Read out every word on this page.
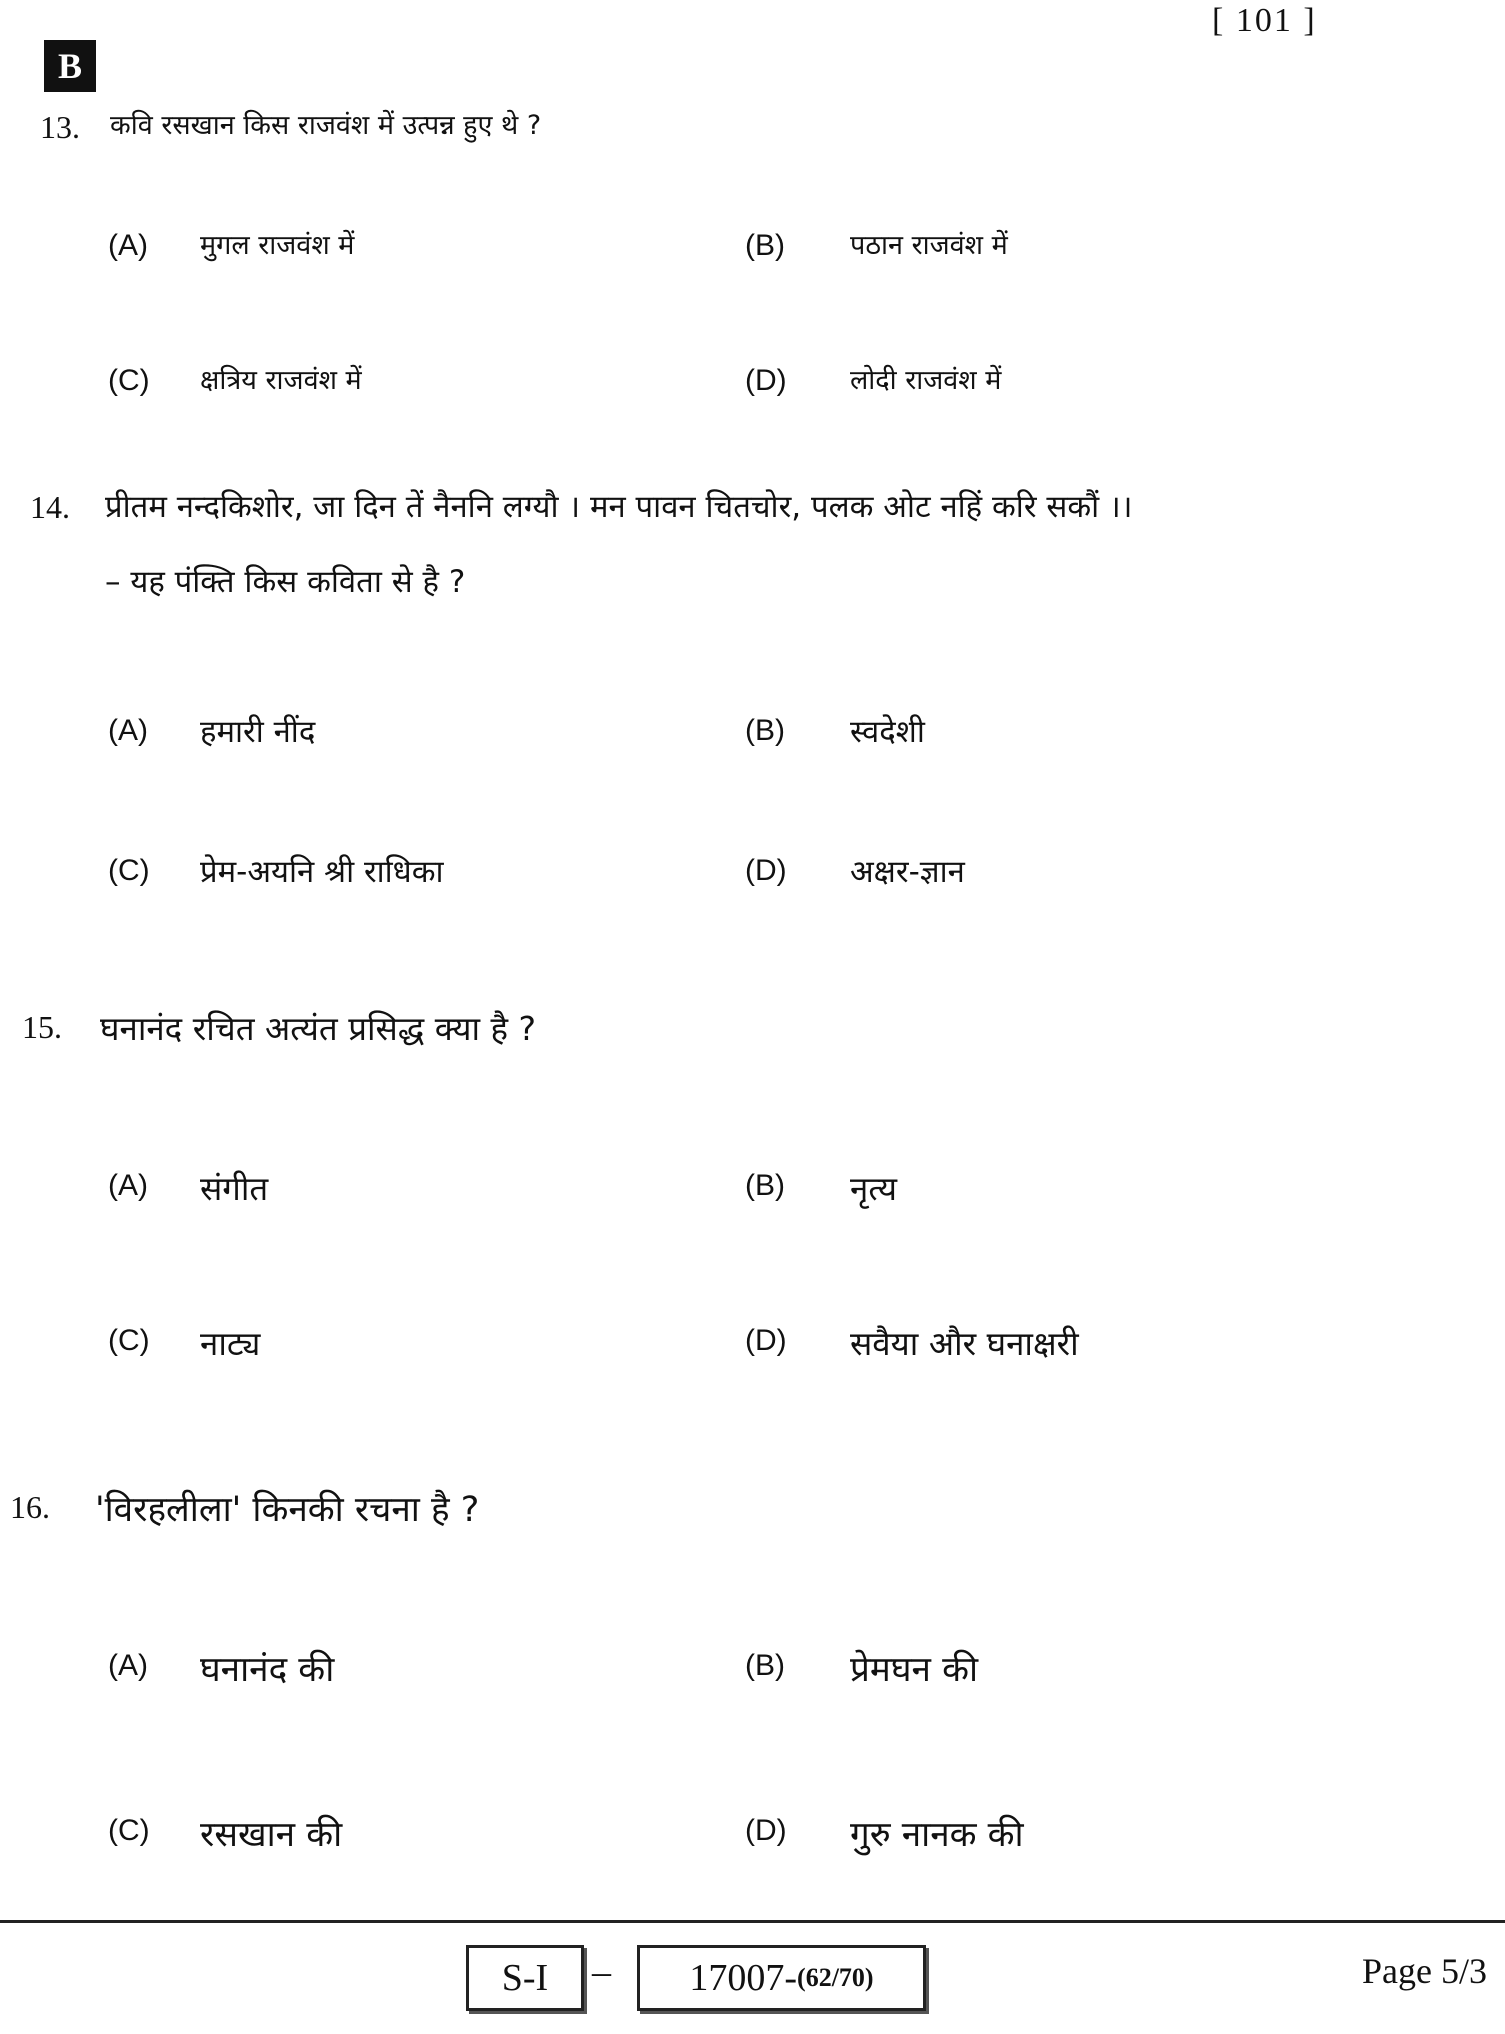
[ 101 ]
B
13. कवि रसखान किस राजवंश में उत्पन्न हुए थे ?
(A) मुगल राजवंश में	(B) पठान राजवंश में
(C) क्षत्रिय राजवंश में	(D) लोदी राजवंश में
14. प्रीतम नन्दकिशोर, जा दिन तें नैननि लग्यौ । मन पावन चितचोर, पलक ओट नहिं करि सकौं ।।
– यह पंक्ति किस कविता से है ?
(A) हमारी नींद	(B) स्वदेशी
(C) प्रेम-अयनि श्री राधिका	(D) अक्षर-ज्ञान
15. घनानंद रचित अत्यंत प्रसिद्ध क्या है ?
(A) संगीत	(B) नृत्य
(C) नाट्य	(D) सवैया और घनाक्षरी
16. 'विरहलीला' किनकी रचना है ?
(A) घनानंद की	(B) प्रेमघन की
(C) रसखान की	(D) गुरु नानक की
S-I	– 17007- (62/70)	Page 5/3
